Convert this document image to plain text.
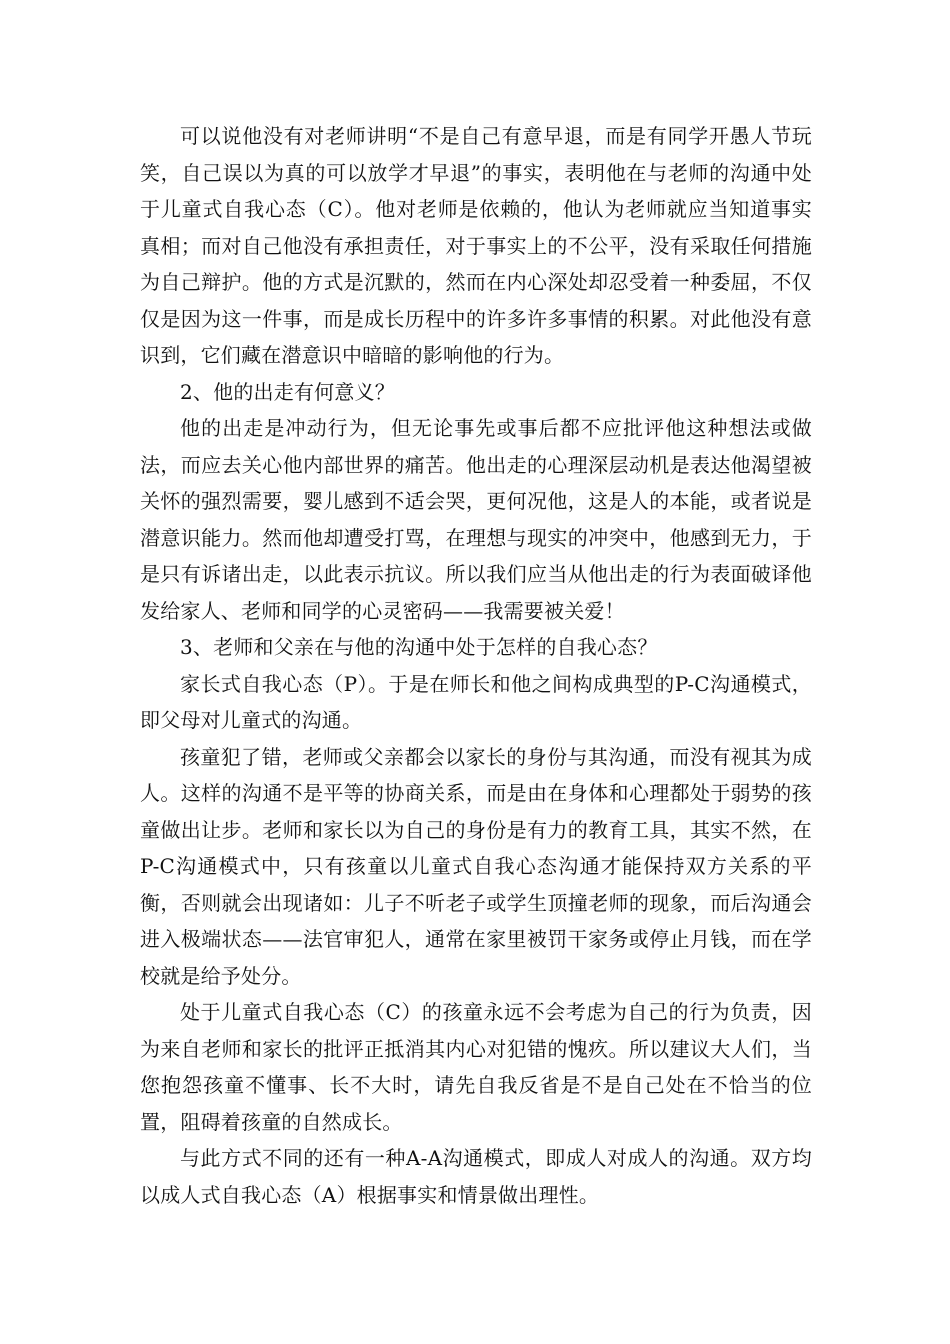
可以说他没有对老师讲明“不是自己有意早退，而是有同学开愚人节玩笑，自己误以为真的可以放学才早退”的事实，表明他在与老师的沟通中处于儿童式自我心态（C）。他对老师是依赖的，他认为老师就应当知道事实真相；而对自己他没有承担责任，对于事实上的不公平，没有采取任何措施为自己辩护。他的方式是沉默的，然而在内心深处却忍受着一种委屈，不仅仅是因为这一件事，而是成长历程中的许多许多事情的积累。对此他没有意识到，它们藏在潜意识中暗暗的影响他的行为。

2、他的出走有何意义？

他的出走是冲动行为，但无论事先或事后都不应批评他这种想法或做法，而应去关心他内部世界的痛苦。他出走的心理深层动机是表达他渴望被关怀的强烈需要，婴儿感到不适会哭，更何况他，这是人的本能，或者说是潜意识能力。然而他却遭受打骂，在理想与现实的冲突中，他感到无力，于是只有诉诸出走，以此表示抗议。所以我们应当从他出走的行为表面破译他发给家人、老师和同学的心灵密码——我需要被关爱！

3、老师和父亲在与他的沟通中处于怎样的自我心态？

家长式自我心态（P）。于是在师长和他之间构成典型的P-C沟通模式，即父母对儿童式的沟通。

孩童犯了错，老师或父亲都会以家长的身份与其沟通，而没有视其为成人。这样的沟通不是平等的协商关系，而是由在身体和心理都处于弱势的孩童做出让步。老师和家长以为自己的身份是有力的教育工具，其实不然，在P-C沟通模式中，只有孩童以儿童式自我心态沟通才能保持双方关系的平衡，否则就会出现诸如：儿子不听老子或学生顶撞老师的现象，而后沟通会进入极端状态——法官审犯人，通常在家里被罚干家务或停止月钱，而在学校就是给予处分。

处于儿童式自我心态（C）的孩童永远不会考虑为自己的行为负责，因为来自老师和家长的批评正抵消其内心对犯错的愧疚。所以建议大人们，当您抱怨孩童不懂事、长不大时，请先自我反省是不是自己处在不恰当的位置，阻碍着孩童的自然成长。

与此方式不同的还有一种A-A沟通模式，即成人对成人的沟通。双方均以成人式自我心态（A）根据事实和情景做出理性。
